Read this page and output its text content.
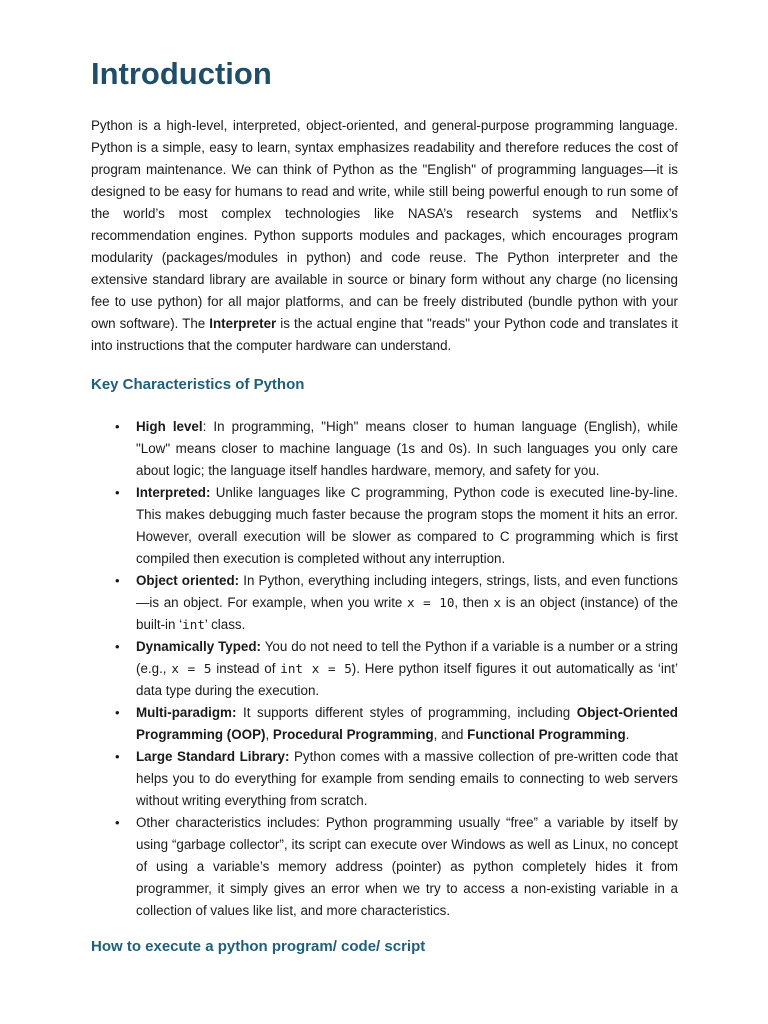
Introduction

Python is a high-level, interpreted, object-oriented, and general-purpose programming language. Python is a simple, easy to learn, syntax emphasizes readability and therefore reduces the cost of program maintenance. We can think of Python as the "English" of programming languages—it is designed to be easy for humans to read and write, while still being powerful enough to run some of the world’s most complex technologies like NASA’s research systems and Netflix’s recommendation engines. Python supports modules and packages, which encourages program modularity (packages/modules in python) and code reuse. The Python interpreter and the extensive standard library are available in source or binary form without any charge (no licensing fee to use python) for all major platforms, and can be freely distributed (bundle python with your own software). The Interpreter is the actual engine that "reads" your Python code and translates it into instructions that the computer hardware can understand.

Key Characteristics of Python
• High level: In programming, "High" means closer to human language (English), while "Low" means closer to machine language (1s and 0s). In such languages you only care about logic; the language itself handles hardware, memory, and safety for you.
• Interpreted: Unlike languages like C programming, Python code is executed line-by-line. This makes debugging much faster because the program stops the moment it hits an error. However, overall execution will be slower as compared to C programming which is first compiled then execution is completed without any interruption.
• Object oriented: In Python, everything including integers, strings, lists, and even functions—is an object. For example, when you write x = 10, then x is an object (instance) of the built-in ‘int’ class.
• Dynamically Typed: You do not need to tell the Python if a variable is a number or a string (e.g., x = 5 instead of int x = 5). Here python itself figures it out automatically as ‘int’ data type during the execution.
• Multi-paradigm: It supports different styles of programming, including Object-Oriented Programming (OOP), Procedural Programming, and Functional Programming.
• Large Standard Library: Python comes with a massive collection of pre-written code that helps you to do everything for example from sending emails to connecting to web servers without writing everything from scratch.
• Other characteristics includes: Python programming usually “free” a variable by itself by using “garbage collector”, its script can execute over Windows as well as Linux, no concept of using a variable’s memory address (pointer) as python completely hides it from programmer, it simply gives an error when we try to access a non-existing variable in a collection of values like list, and more characteristics.
How to execute a python program/ code/ script
